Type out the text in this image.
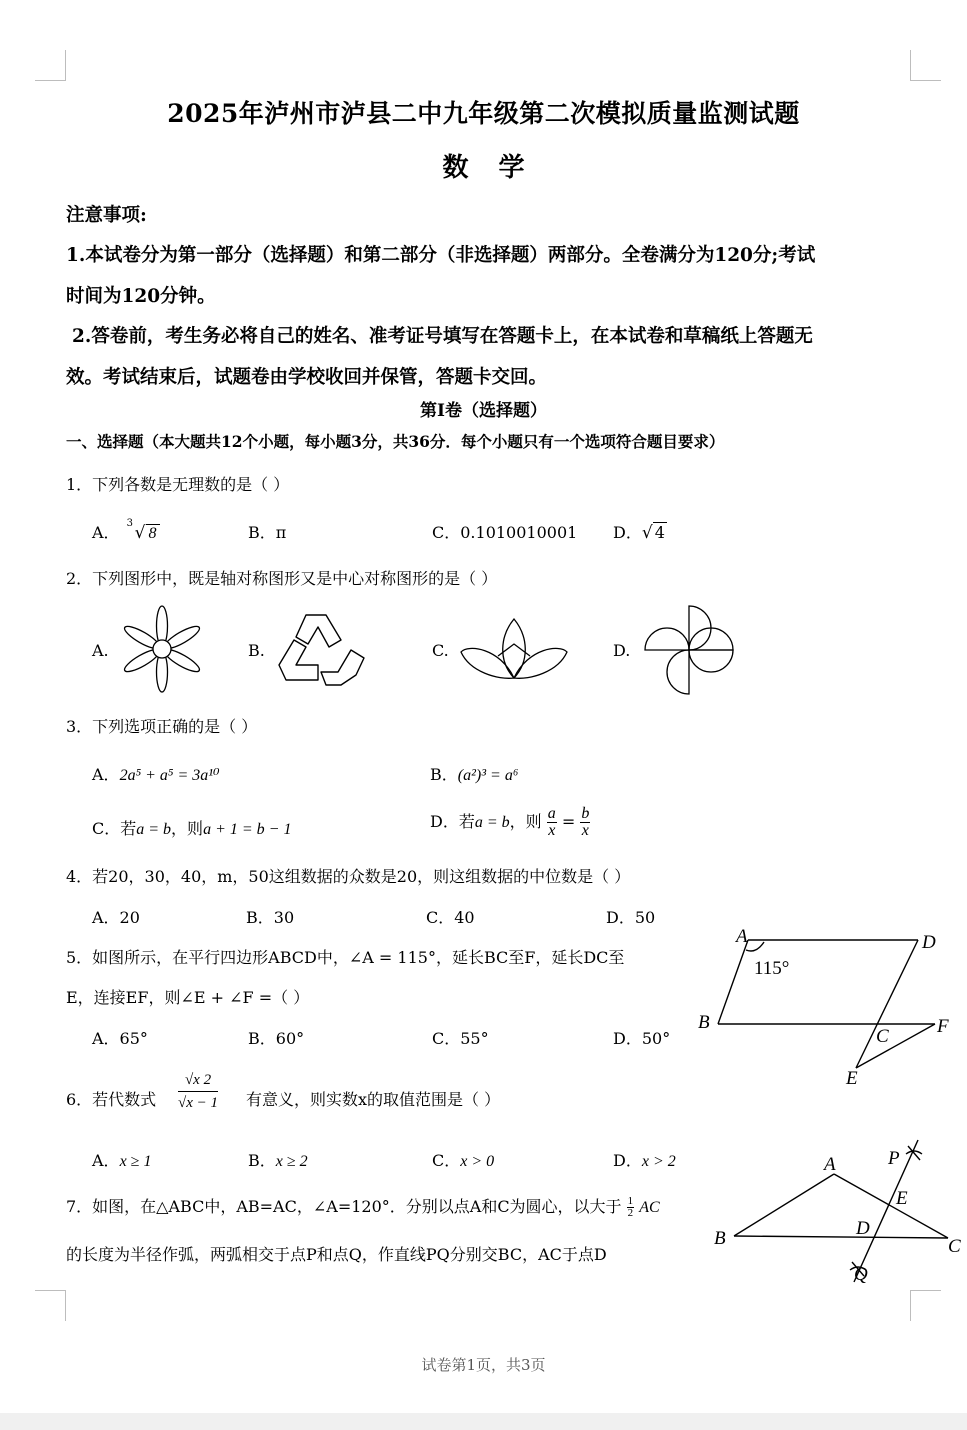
2025年泸州市泸县二中九年级第二次模拟质量监测试题
数学
注意事项:
1.本试卷分为第一部分（选择题）和第二部分（非选择题）两部分。全卷满分为120分;考试
时间为120分钟。
2.答卷前，考生务必将自己的姓名、准考证号填写在答题卡上，在本试卷和草稿纸上答题无
效。考试结束后，试题卷由学校收回并保管，答题卡交回。
第Ⅰ卷（选择题）
一、选择题（本大题共12个小题，每小题3分，共36分．每个小题只有一个选项符合题目要求）
1．下列各数是无理数的是（ ）
A． 3 √ 8	B．π	C．0.1010010001 D．√ 4
2．下列图形中，既是轴对称图形又是中心对称图形的是（ ）
A.	B.	C.	D.
3．下列选项正确的是（ ）
A．2a⁵ + a⁵ = 3a¹⁰	B．(a²)³ = a⁶
C．若a = b，则a + 1 = b − 1	D．若a = b，则 $\frac{a}{x} = \frac{b}{x}$
4．若20，30，40，m，50这组数据的众数是20，则这组数据的中位数是（ ）
A．20	B．30	C．40	D．50
5．如图所示，在平行四边形ABCD中，∠A = 115°，延长BC至F，延长DC至
E，连接EF，则∠E + ∠F =（ ）
A．65°	B．60°	C．55°	D．50°
A	D
B
C	F
E
115°
6．若代数式 $\frac{√x 2}{√x - 1}$ 有意义，则实数x的取值范围是（ ）
A．x ≥ 1	B．x ≥ 2	C．x > 0	D．x > 2
7．如图，在△ABC中，AB=AC，∠A=120°．分别以点A和C为圆心，以大于 $\frac{1}{2}$ AC
的长度为半径作弧，两弧相交于点P和点Q，作直线PQ分别交BC，AC于点D
A
B	C
D
E
P
Q
试卷第1页，共3页
